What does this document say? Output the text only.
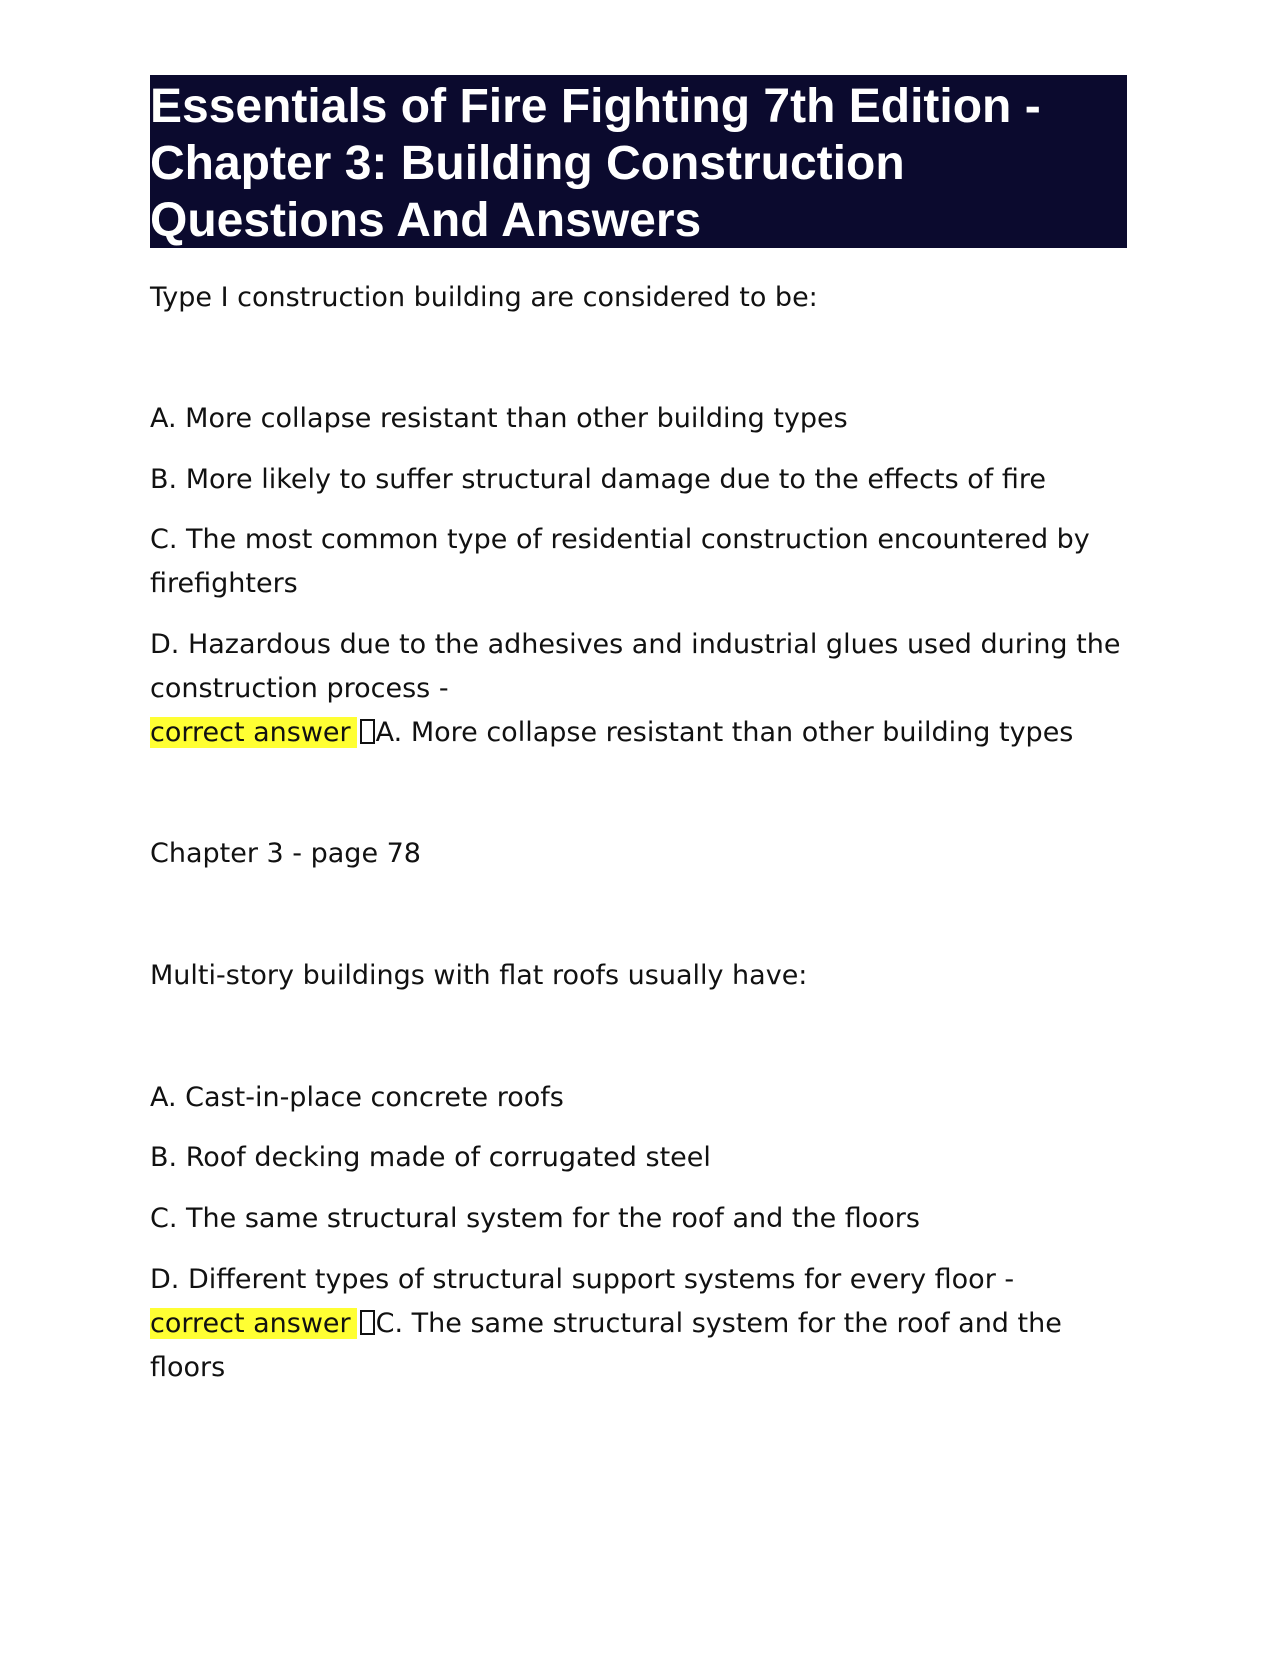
Essentials of Fire Fighting 7th Edition -
Chapter 3: Building Construction
Questions And Answers
Type I construction building are considered to be:
A. More collapse resistant than other building types
B. More likely to suffer structural damage due to the effects of fire
C. The most common type of residential construction encountered by
firefighters
D. Hazardous due to the adhesives and industrial glues used during the
construction process -
correct answer A. More collapse resistant than other building types
Chapter 3 - page 78
Multi-story buildings with flat roofs usually have:
A. Cast-in-place concrete roofs
B. Roof decking made of corrugated steel
C. The same structural system for the roof and the floors
D. Different types of structural support systems for every floor -
correct answer C. The same structural system for the roof and the
floors
